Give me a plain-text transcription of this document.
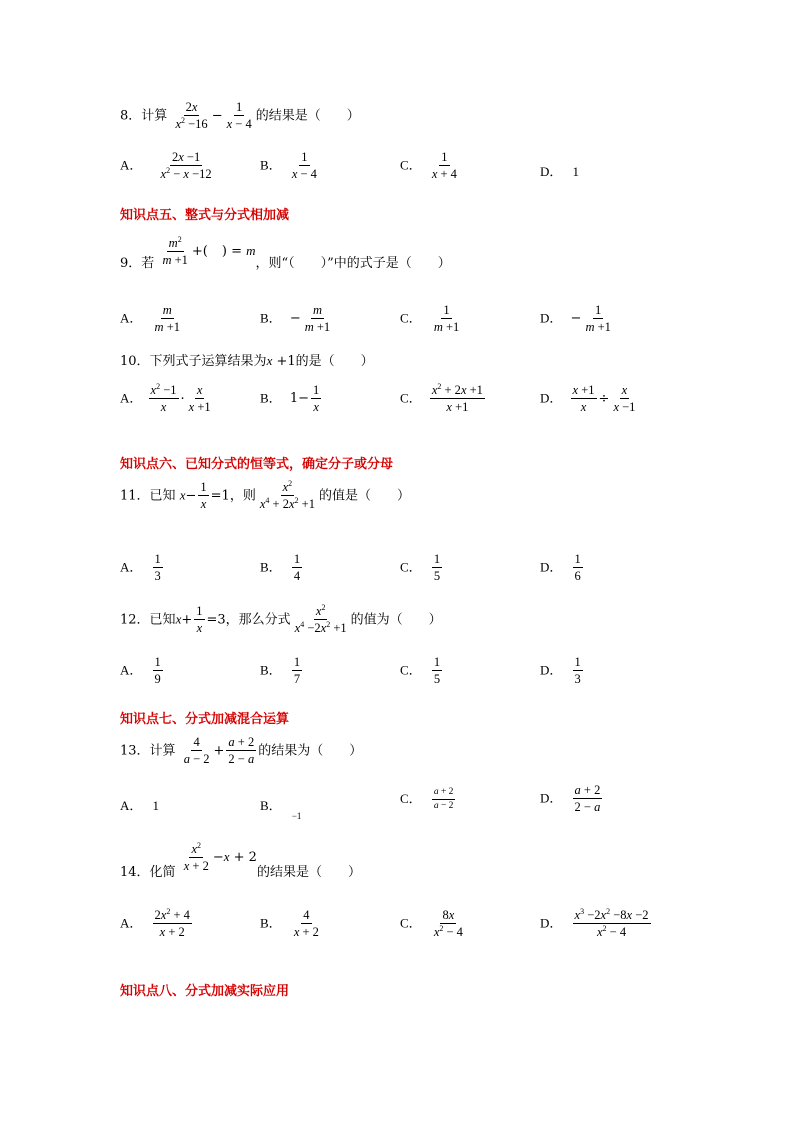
8．计算 $\frac{2x}{x^2 -16} - \frac{1}{x - 4}$ 的结果是（　　）
A． $\frac{2x -1}{x^2 - x -12}$	B． $\frac{1}{x - 4}$	C． $\frac{1}{x + 4}$	D． 1
知识点五、整式与分式相加减
9．若 $\frac{m^2}{m +1}$ +( ) = m，则“（　　）”中的式子是（　　）
A． $\frac{m}{m +1}$	B． − $\frac{m}{m +1}$	C． $\frac{1}{m +1}$	D． − $\frac{1}{m +1}$
10．下列式子运算结果为x +1的是（　　）
A． $\frac{x^2 -1}{x} \cdot \frac{x}{x +1}$	B． $1- \frac{1}{x}$	C． $\frac{x^2 + 2x +1}{x +1}$	D． $\frac{x +1}{x} \div \frac{x}{x -1}$
知识点六、已知分式的恒等式，确定分子或分母
11．已知 $x- \frac{1}{x} =1$，则 $\frac{x^2}{x^4 + 2x^2 +1}$ 的值是（　　）
A． $\frac{1}{3}$	B． $\frac{1}{4}$	C． $\frac{1}{5}$	D． $\frac{1}{6}$
12．已知$x+ \frac{1}{x} =3$，那么分式 $\frac{x^2}{x^4 -2x^2 +1}$ 的值为（　　）
A． $\frac{1}{9}$	B． $\frac{1}{7}$	C． $\frac{1}{5}$	D． $\frac{1}{3}$
知识点七、分式加减混合运算
13．计算 $\frac{4}{a - 2} + \frac{a + 2}{2 - a}$ 的结果为（　　）
A． 1	B． $_{-1}$
C． $\frac{a + 2}{a - 2}$	D． $\frac{a + 2}{2 - a}$
14．化简 $\frac{x^2}{x + 2} -x + 2$的结果是（　　）
A． $\frac{2x^2 + 4}{x + 2}$	B． $\frac{4}{x + 2}$	C． $\frac{8x}{x^2 - 4}$	D． $\frac{x^3 -2x^2 -8x -2}{x^2 - 4}$
知识点八、分式加减实际应用
